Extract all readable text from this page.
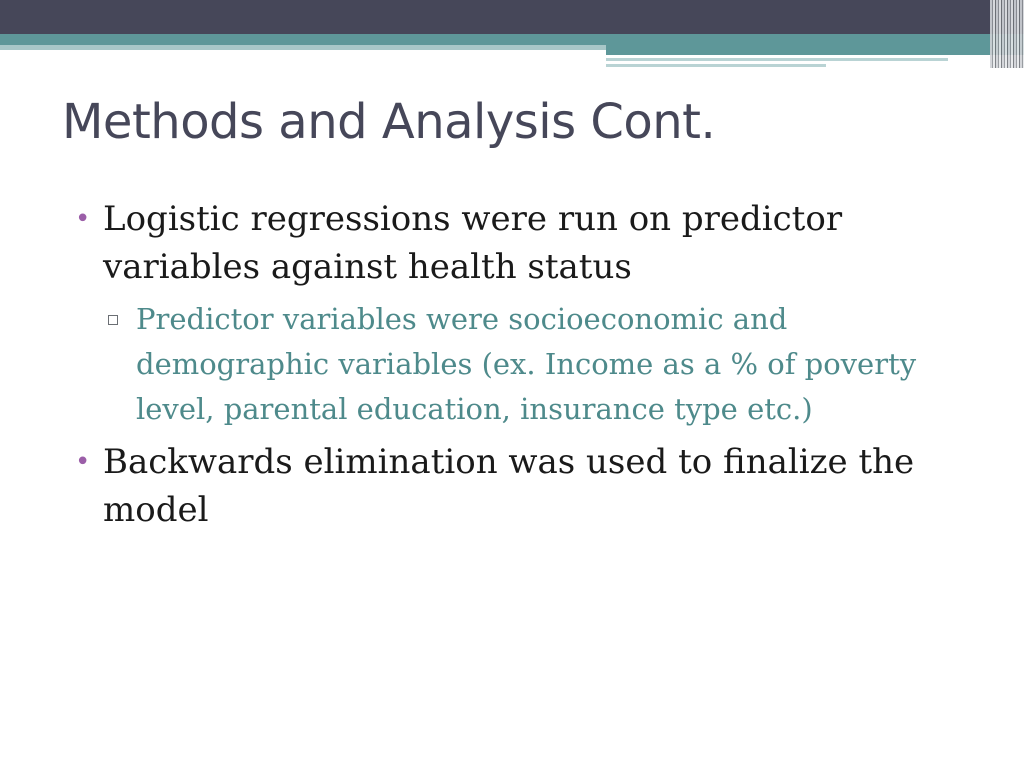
Methods and Analysis Cont.
• Logistic regressions were run on predictor variables against health status
Predictor variables were socioeconomic and demographic variables (ex. Income as a % of poverty level, parental education, insurance type etc.)
• Backwards elimination was used to finalize the model
